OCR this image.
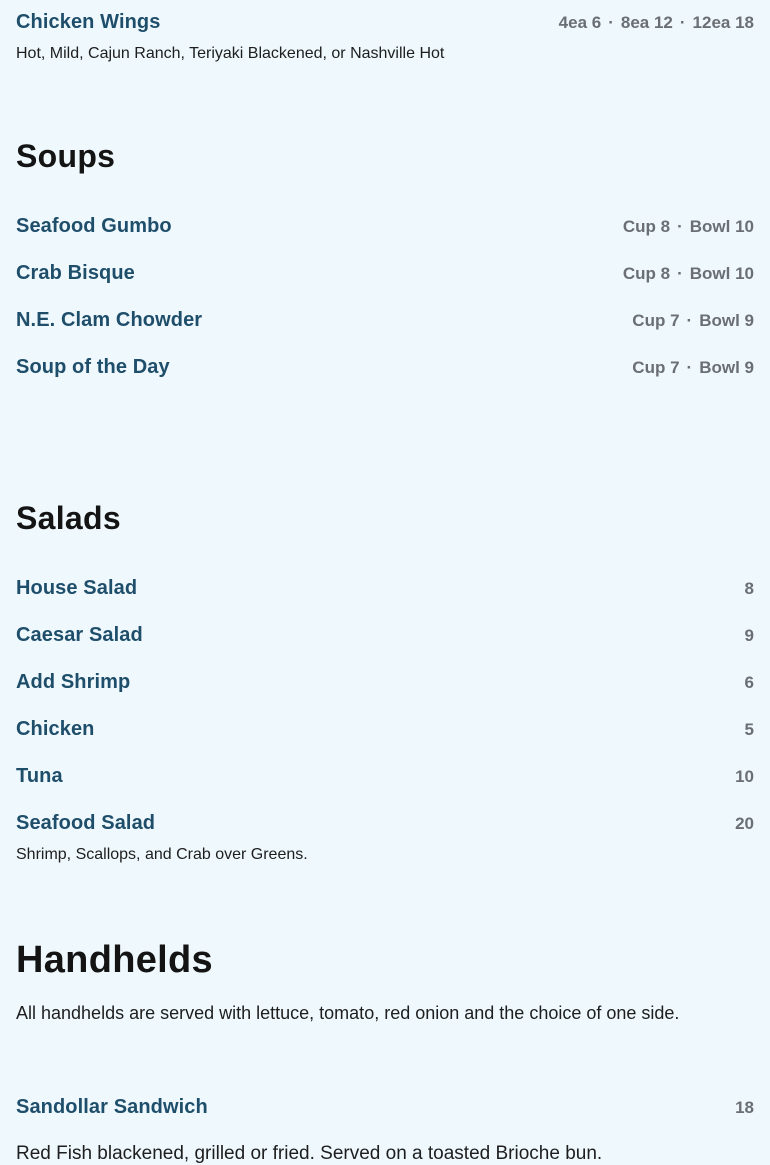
Chicken Wings	4ea 6 · 8ea 12 · 12ea 18
Hot, Mild, Cajun Ranch, Teriyaki Blackened, or Nashville Hot
Soups
Seafood Gumbo	Cup 8 · Bowl 10
Crab Bisque	Cup 8 · Bowl 10
N.E. Clam Chowder	Cup 7 · Bowl 9
Soup of the Day	Cup 7 · Bowl 9
Salads
House Salad	8
Caesar Salad	9
Add Shrimp	6
Chicken	5
Tuna	10
Seafood Salad	20
Shrimp, Scallops, and Crab over Greens.
Handhelds
All handhelds are served with lettuce, tomato, red onion and the choice of one side.
Sandollar Sandwich	18
Red Fish blackened, grilled or fried. Served on a toasted Brioche bun.
